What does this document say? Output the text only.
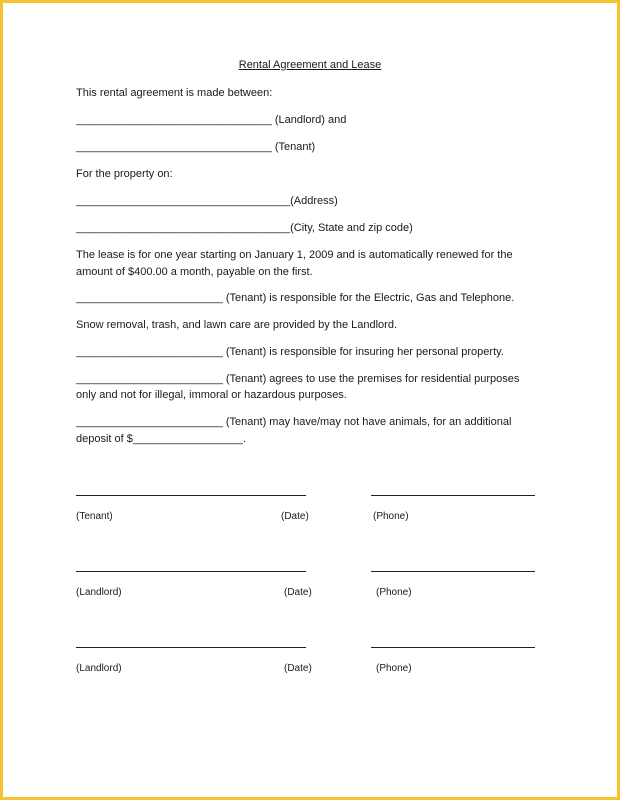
Rental Agreement and Lease
This rental agreement is made between:
________________________________ (Landlord) and
________________________________ (Tenant)
For the property on:
___________________________________(Address)
___________________________________(City, State and zip code)
The lease is for one year starting on January 1, 2009 and is automatically renewed for the
amount of $400.00 a month, payable on the first.
________________________ (Tenant) is responsible for the Electric, Gas and Telephone.
Snow removal, trash, and lawn care are provided by the Landlord.
________________________ (Tenant) is responsible for insuring her personal property.
________________________ (Tenant) agrees to use the premises for residential purposes
only and not for illegal, immoral or hazardous purposes.
________________________ (Tenant) may have/may not have animals, for an additional
deposit of $__________________.
(Tenant)	(Date)	(Phone)
(Landlord)	(Date)	(Phone)
(Landlord)	(Date)	(Phone)
